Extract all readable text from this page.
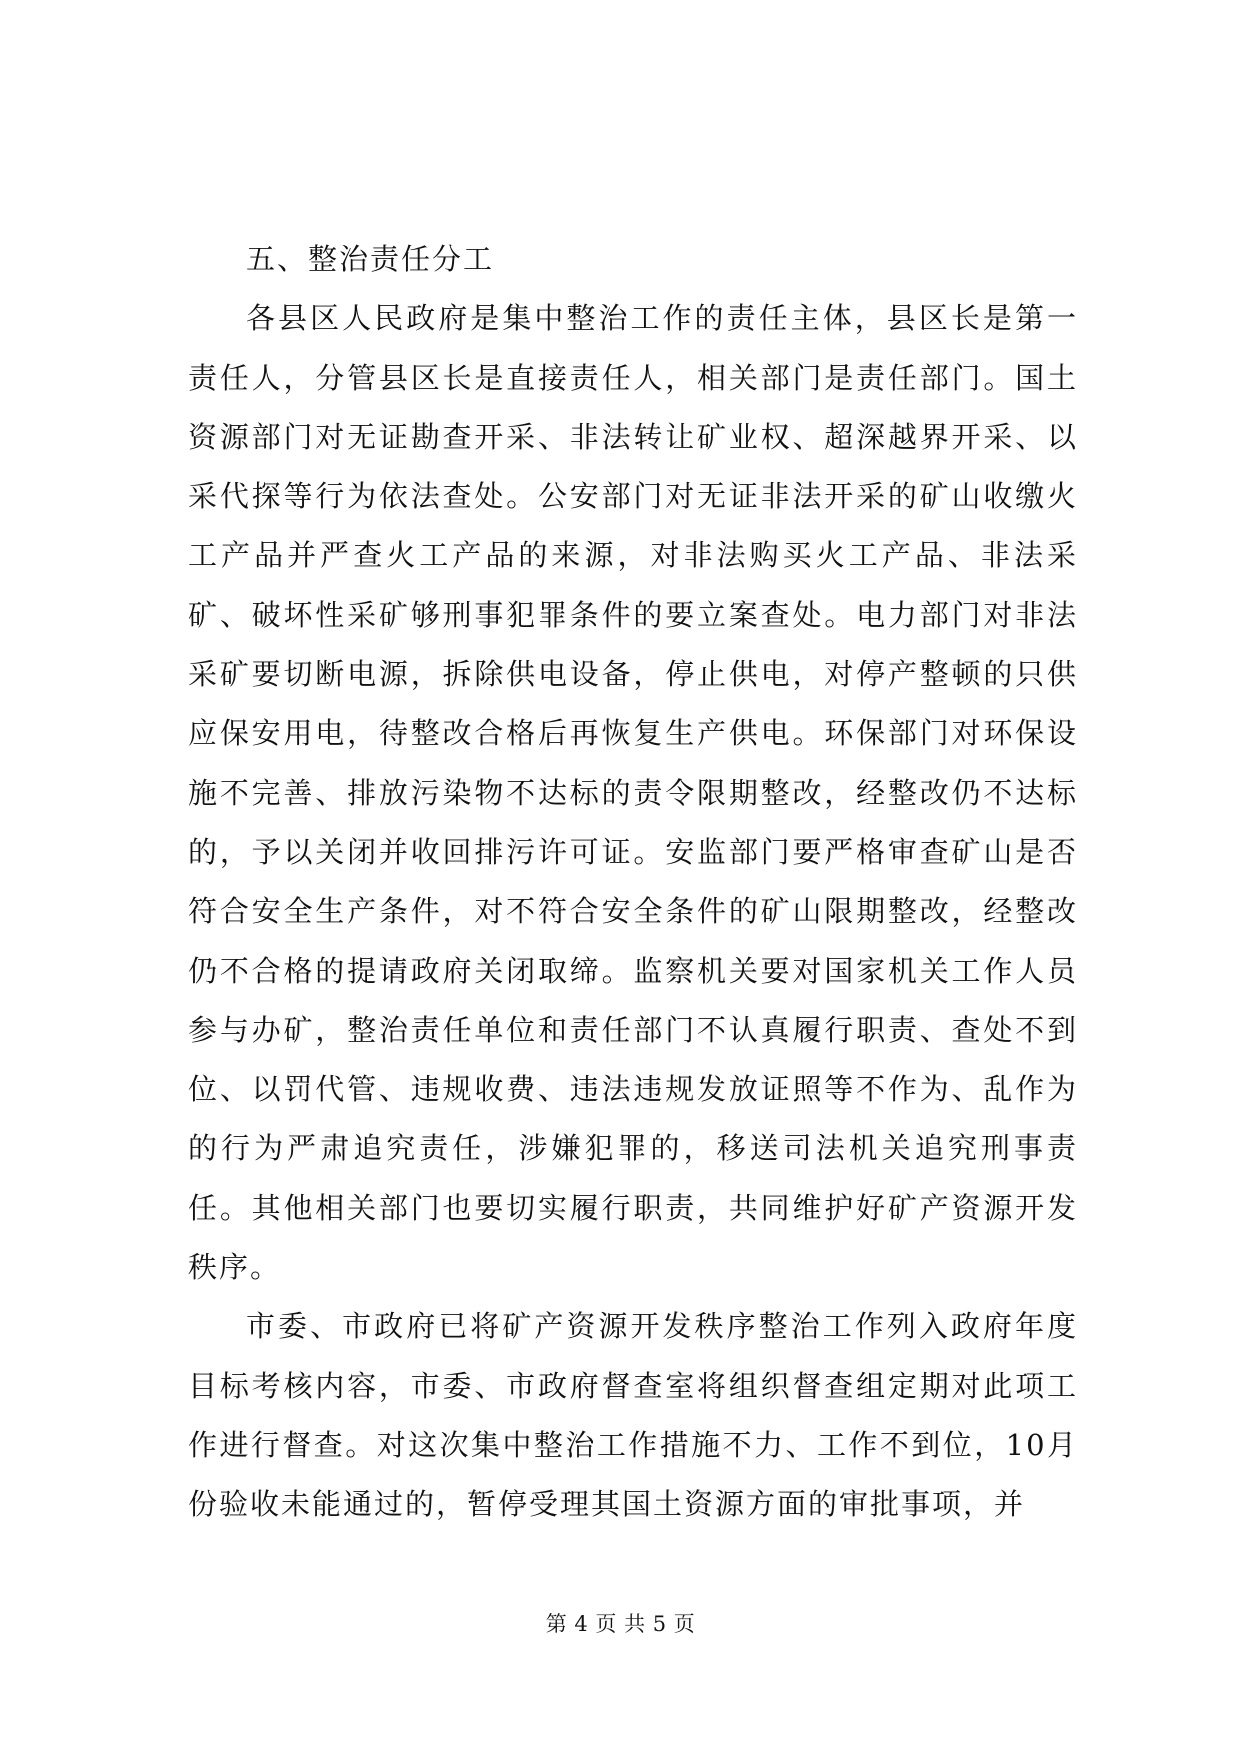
五、整治责任分工

各县区人民政府是集中整治工作的责任主体，县区长是第一责任人，分管县区长是直接责任人，相关部门是责任部门。国土资源部门对无证勘查开采、非法转让矿业权、超深越界开采、以采代探等行为依法查处。公安部门对无证非法开采的矿山收缴火工产品并严查火工产品的来源，对非法购买火工产品、非法采矿、破坏性采矿够刑事犯罪条件的要立案查处。电力部门对非法采矿要切断电源，拆除供电设备，停止供电，对停产整顿的只供应保安用电，待整改合格后再恢复生产供电。环保部门对环保设施不完善、排放污染物不达标的责令限期整改，经整改仍不达标的，予以关闭并收回排污许可证。安监部门要严格审查矿山是否符合安全生产条件，对不符合安全条件的矿山限期整改，经整改仍不合格的提请政府关闭取缔。监察机关要对国家机关工作人员参与办矿，整治责任单位和责任部门不认真履行职责、查处不到位、以罚代管、违规收费、违法违规发放证照等不作为、乱作为的行为严肃追究责任，涉嫌犯罪的，移送司法机关追究刑事责任。其他相关部门也要切实履行职责，共同维护好矿产资源开发秩序。

市委、市政府已将矿产资源开发秩序整治工作列入政府年度目标考核内容，市委、市政府督查室将组织督查组定期对此项工作进行督查。对这次集中整治工作措施不力、工作不到位，10月份验收未能通过的，暂停受理其国土资源方面的审批事项，并

第 4 页 共 5 页
